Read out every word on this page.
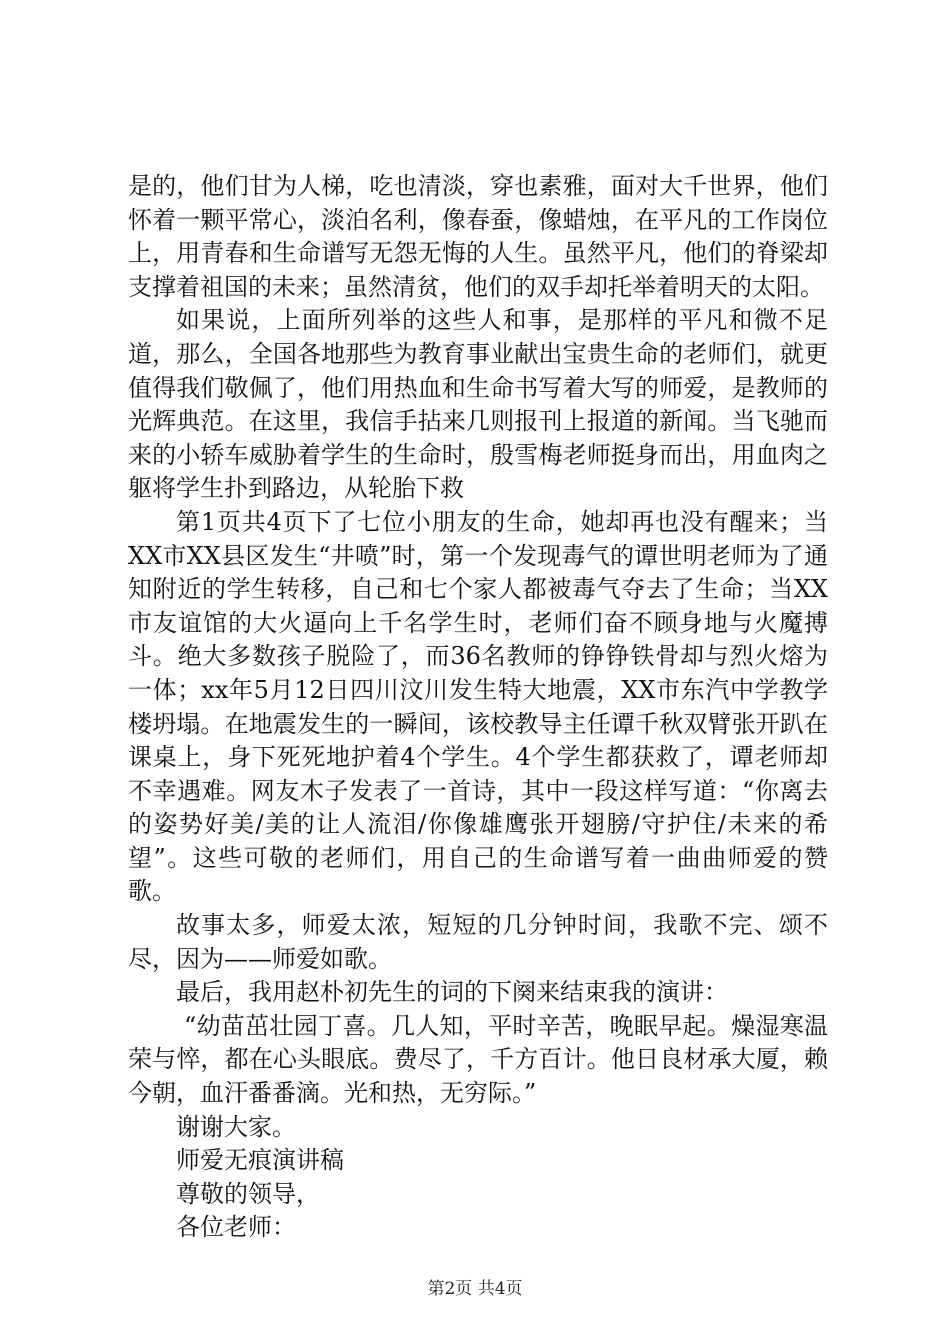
是的，他们甘为人梯，吃也清淡，穿也素雅，面对大千世界，他们怀着一颗平常心，淡泊名利，像春蚕，像蜡烛，在平凡的工作岗位上，用青春和生命谱写无怨无悔的人生。虽然平凡，他们的脊梁却支撑着祖国的未来；虽然清贫，他们的双手却托举着明天的太阳。

如果说，上面所列举的这些人和事，是那样的平凡和微不足道，那么，全国各地那些为教育事业献出宝贵生命的老师们，就更值得我们敬佩了，他们用热血和生命书写着大写的师爱，是教师的光辉典范。在这里，我信手拈来几则报刊上报道的新闻。当飞驰而来的小轿车威胁着学生的生命时，殷雪梅老师挺身而出，用血肉之躯将学生扑到路边，从轮胎下救

第1页共4页下了七位小朋友的生命，她却再也没有醒来；当XX市XX县区发生“井喷”时，第一个发现毒气的谭世明老师为了通知附近的学生转移，自己和七个家人都被毒气夺去了生命；当XX市友谊馆的大火逼向上千名学生时，老师们奋不顾身地与火魔搏斗。绝大多数孩子脱险了，而36名教师的铮铮铁骨却与烈火熔为一体；xx年5月12日四川汶川发生特大地震，XX市东汽中学教学楼坍塌。在地震发生的一瞬间，该校教导主任谭千秋双臂张开趴在课桌上，身下死死地护着4个学生。4个学生都获救了，谭老师却不幸遇难。网友木子发表了一首诗，其中一段这样写道：“你离去的姿势好美/美的让人流泪/你像雄鹰张开翅膀/守护住/未来的希望”。这些可敬的老师们，用自己的生命谱写着一曲曲师爱的赞歌。

故事太多，师爱太浓，短短的几分钟时间，我歌不完、颂不尽，因为——师爱如歌。

最后，我用赵朴初先生的词的下阕来结束我的演讲：

“幼苗茁壮园丁喜。几人知，平时辛苦，晚眠早起。燥湿寒温荣与悴，都在心头眼底。费尽了，千方百计。他日良材承大厦，赖今朝，血汗番番滴。光和热，无穷际。”

谢谢大家。

师爱无痕演讲稿

尊敬的领导，

各位老师：

第2页 共4页
